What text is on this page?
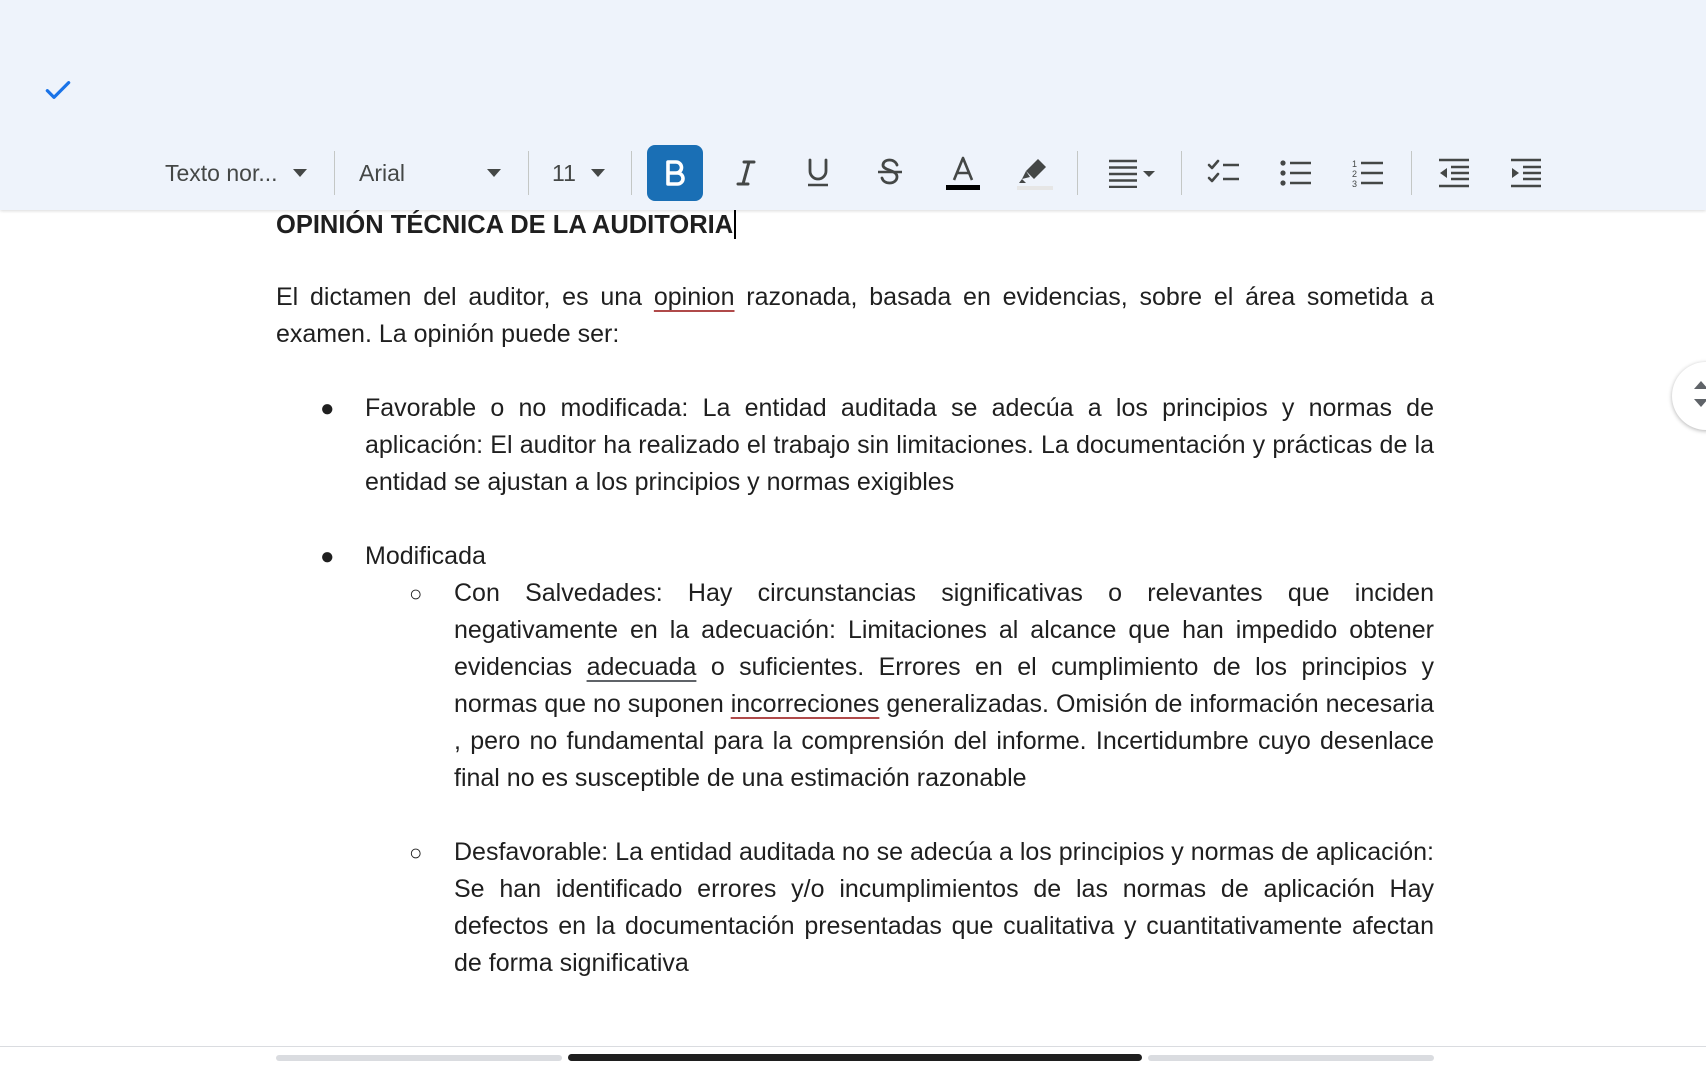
Texto nor...	Arial	11	1
2
3
OPINIÓN TÉCNICA DE LA AUDITORIA

El dictamen del auditor, es una opinion razonada, basada en evidencias, sobre el área sometida a examen. La opinión puede ser:

● Favorable o no modificada: La entidad auditada se adecúa a los principios y normas de aplicación: El auditor ha realizado el trabajo sin limitaciones. La documentación y prácticas de la entidad se ajustan a los principios y normas exigibles
● Modificada
○ Con Salvedades: Hay circunstancias significativas o relevantes que inciden negativamente en la adecuación: Limitaciones al alcance que han impedido obtener evidencias adecuada o suficientes. Errores en el cumplimiento de los principios y normas que no suponen incorreciones generalizadas. Omisión de información necesaria , pero no fundamental para la comprensión del informe. Incertidumbre cuyo desenlace final no es susceptible de una estimación razonable
○ Desfavorable: La entidad auditada no se adecúa a los principios y normas de aplicación: Se han identificado errores y/o incumplimientos de las normas de aplicación Hay defectos en la documentación presentadas que cualitativa y cuantitativamente afectan de forma significativa
